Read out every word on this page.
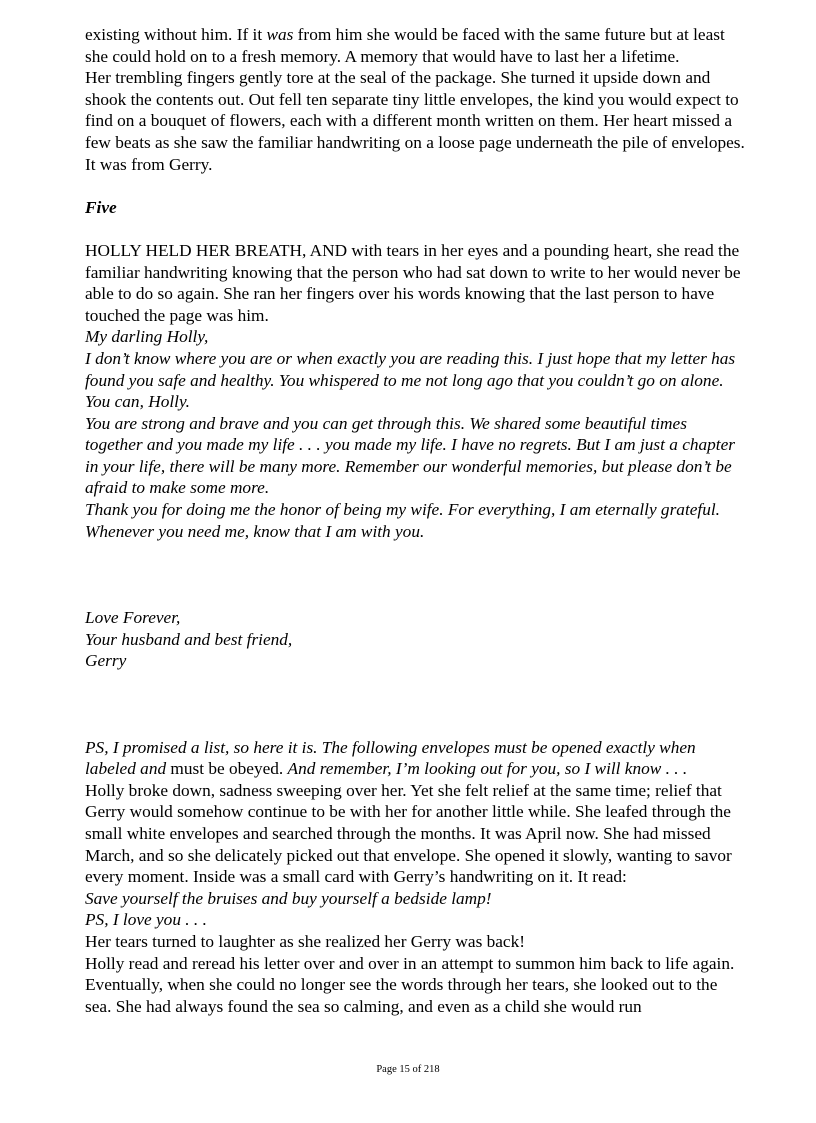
existing without him. If it was from him she would be faced with the same future but at least she could hold on to a fresh memory. A memory that would have to last her a lifetime.

Her trembling fingers gently tore at the seal of the package. She turned it upside down and shook the contents out. Out fell ten separate tiny little envelopes, the kind you would expect to find on a bouquet of flowers, each with a different month written on them. Her heart missed a few beats as she saw the familiar handwriting on a loose page underneath the pile of envelopes.

It was from Gerry.

Five

HOLLY HELD HER BREATH, AND with tears in her eyes and a pounding heart, she read the familiar handwriting knowing that the person who had sat down to write to her would never be able to do so again. She ran her fingers over his words knowing that the last person to have touched the page was him.

My darling Holly,

I don’t know where you are or when exactly you are reading this. I just hope that my letter has found you safe and healthy. You whispered to me not long ago that you couldn’t go on alone. You can, Holly.

You are strong and brave and you can get through this. We shared some beautiful times together and you made my life . . . you made my life. I have no regrets. But I am just a chapter in your life, there will be many more. Remember our wonderful memories, but please don’t be afraid to make some more.

Thank you for doing me the honor of being my wife. For everything, I am eternally grateful. Whenever you need me, know that I am with you.

Love Forever,

Your husband and best friend,

Gerry

PS, I promised a list, so here it is. The following envelopes must be opened exactly when labeled and must be obeyed. And remember, I’m looking out for you, so I will know . . .

Holly broke down, sadness sweeping over her. Yet she felt relief at the same time; relief that Gerry would somehow continue to be with her for another little while. She leafed through the small white envelopes and searched through the months. It was April now. She had missed March, and so she delicately picked out that envelope. She opened it slowly, wanting to savor every moment. Inside was a small card with Gerry’s handwriting on it. It read:

Save yourself the bruises and buy yourself a bedside lamp!

PS, I love you . . .

Her tears turned to laughter as she realized her Gerry was back!

Holly read and reread his letter over and over in an attempt to summon him back to life again. Eventually, when she could no longer see the words through her tears, she looked out to the sea. She had always found the sea so calming, and even as a child she would run

Page 15 of 218
